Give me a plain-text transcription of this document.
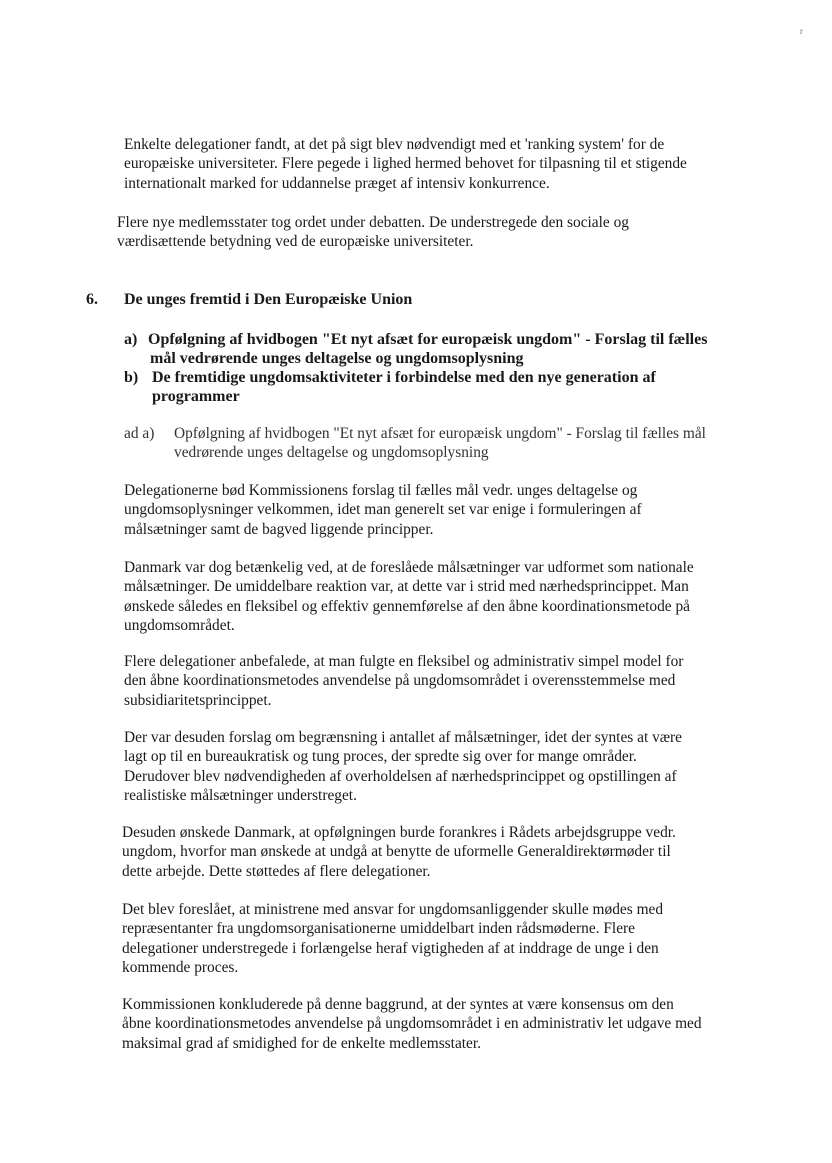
r
Enkelte delegationer fandt, at det på sigt blev nødvendigt med et 'ranking system' for de
europæiske universiteter. Flere pegede i lighed hermed behovet for tilpasning til et stigende
internationalt marked for uddannelse præget af intensiv konkurrence.
Flere nye medlemsstater tog ordet under debatten. De understregede den sociale og
værdisættende betydning ved de europæiske universiteter.
6. De unges fremtid i Den Europæiske Union
a) Opfølgning af hvidbogen "Et nyt afsæt for europæisk ungdom" - Forslag til fælles
mål vedrørende unges deltagelse og ungdomsoplysning
b) De fremtidige ungdomsaktiviteter i forbindelse med den nye generation af
programmer
ad a) Opfølgning af hvidbogen "Et nyt afsæt for europæisk ungdom" - Forslag til fælles mål
vedrørende unges deltagelse og ungdomsoplysning
Delegationerne bød Kommissionens forslag til fælles mål vedr. unges deltagelse og
ungdomsoplysninger velkommen, idet man generelt set var enige i formuleringen af
målsætninger samt de bagved liggende principper.
Danmark var dog betænkelig ved, at de foreslåede målsætninger var udformet som nationale
målsætninger. De umiddelbare reaktion var, at dette var i strid med nærhedsprincippet. Man
ønskede således en fleksibel og effektiv gennemførelse af den åbne koordinationsmetode på
ungdomsområdet.
Flere delegationer anbefalede, at man fulgte en fleksibel og administrativ simpel model for
den åbne koordinationsmetodes anvendelse på ungdomsområdet i overensstemmelse med
subsidiaritetsprincippet.
Der var desuden forslag om begrænsning i antallet af målsætninger, idet der syntes at være
lagt op til en bureaukratisk og tung proces, der spredte sig over for mange områder.
Derudover blev nødvendigheden af overholdelsen af nærhedsprincippet og opstillingen af
realistiske målsætninger understreget.
Desuden ønskede Danmark, at opfølgningen burde forankres i Rådets arbejdsgruppe vedr.
ungdom, hvorfor man ønskede at undgå at benytte de uformelle Generaldirektørmøder til
dette arbejde. Dette støttedes af flere delegationer.
Det blev foreslået, at ministrene med ansvar for ungdomsanliggender skulle mødes med
repræsentanter fra ungdomsorganisationerne umiddelbart inden rådsmøderne. Flere
delegationer understregede i forlængelse heraf vigtigheden af at inddrage de unge i den
kommende proces.
Kommissionen konkluderede på denne baggrund, at der syntes at være konsensus om den
åbne koordinationsmetodes anvendelse på ungdomsområdet i en administrativ let udgave med
maksimal grad af smidighed for de enkelte medlemsstater.
